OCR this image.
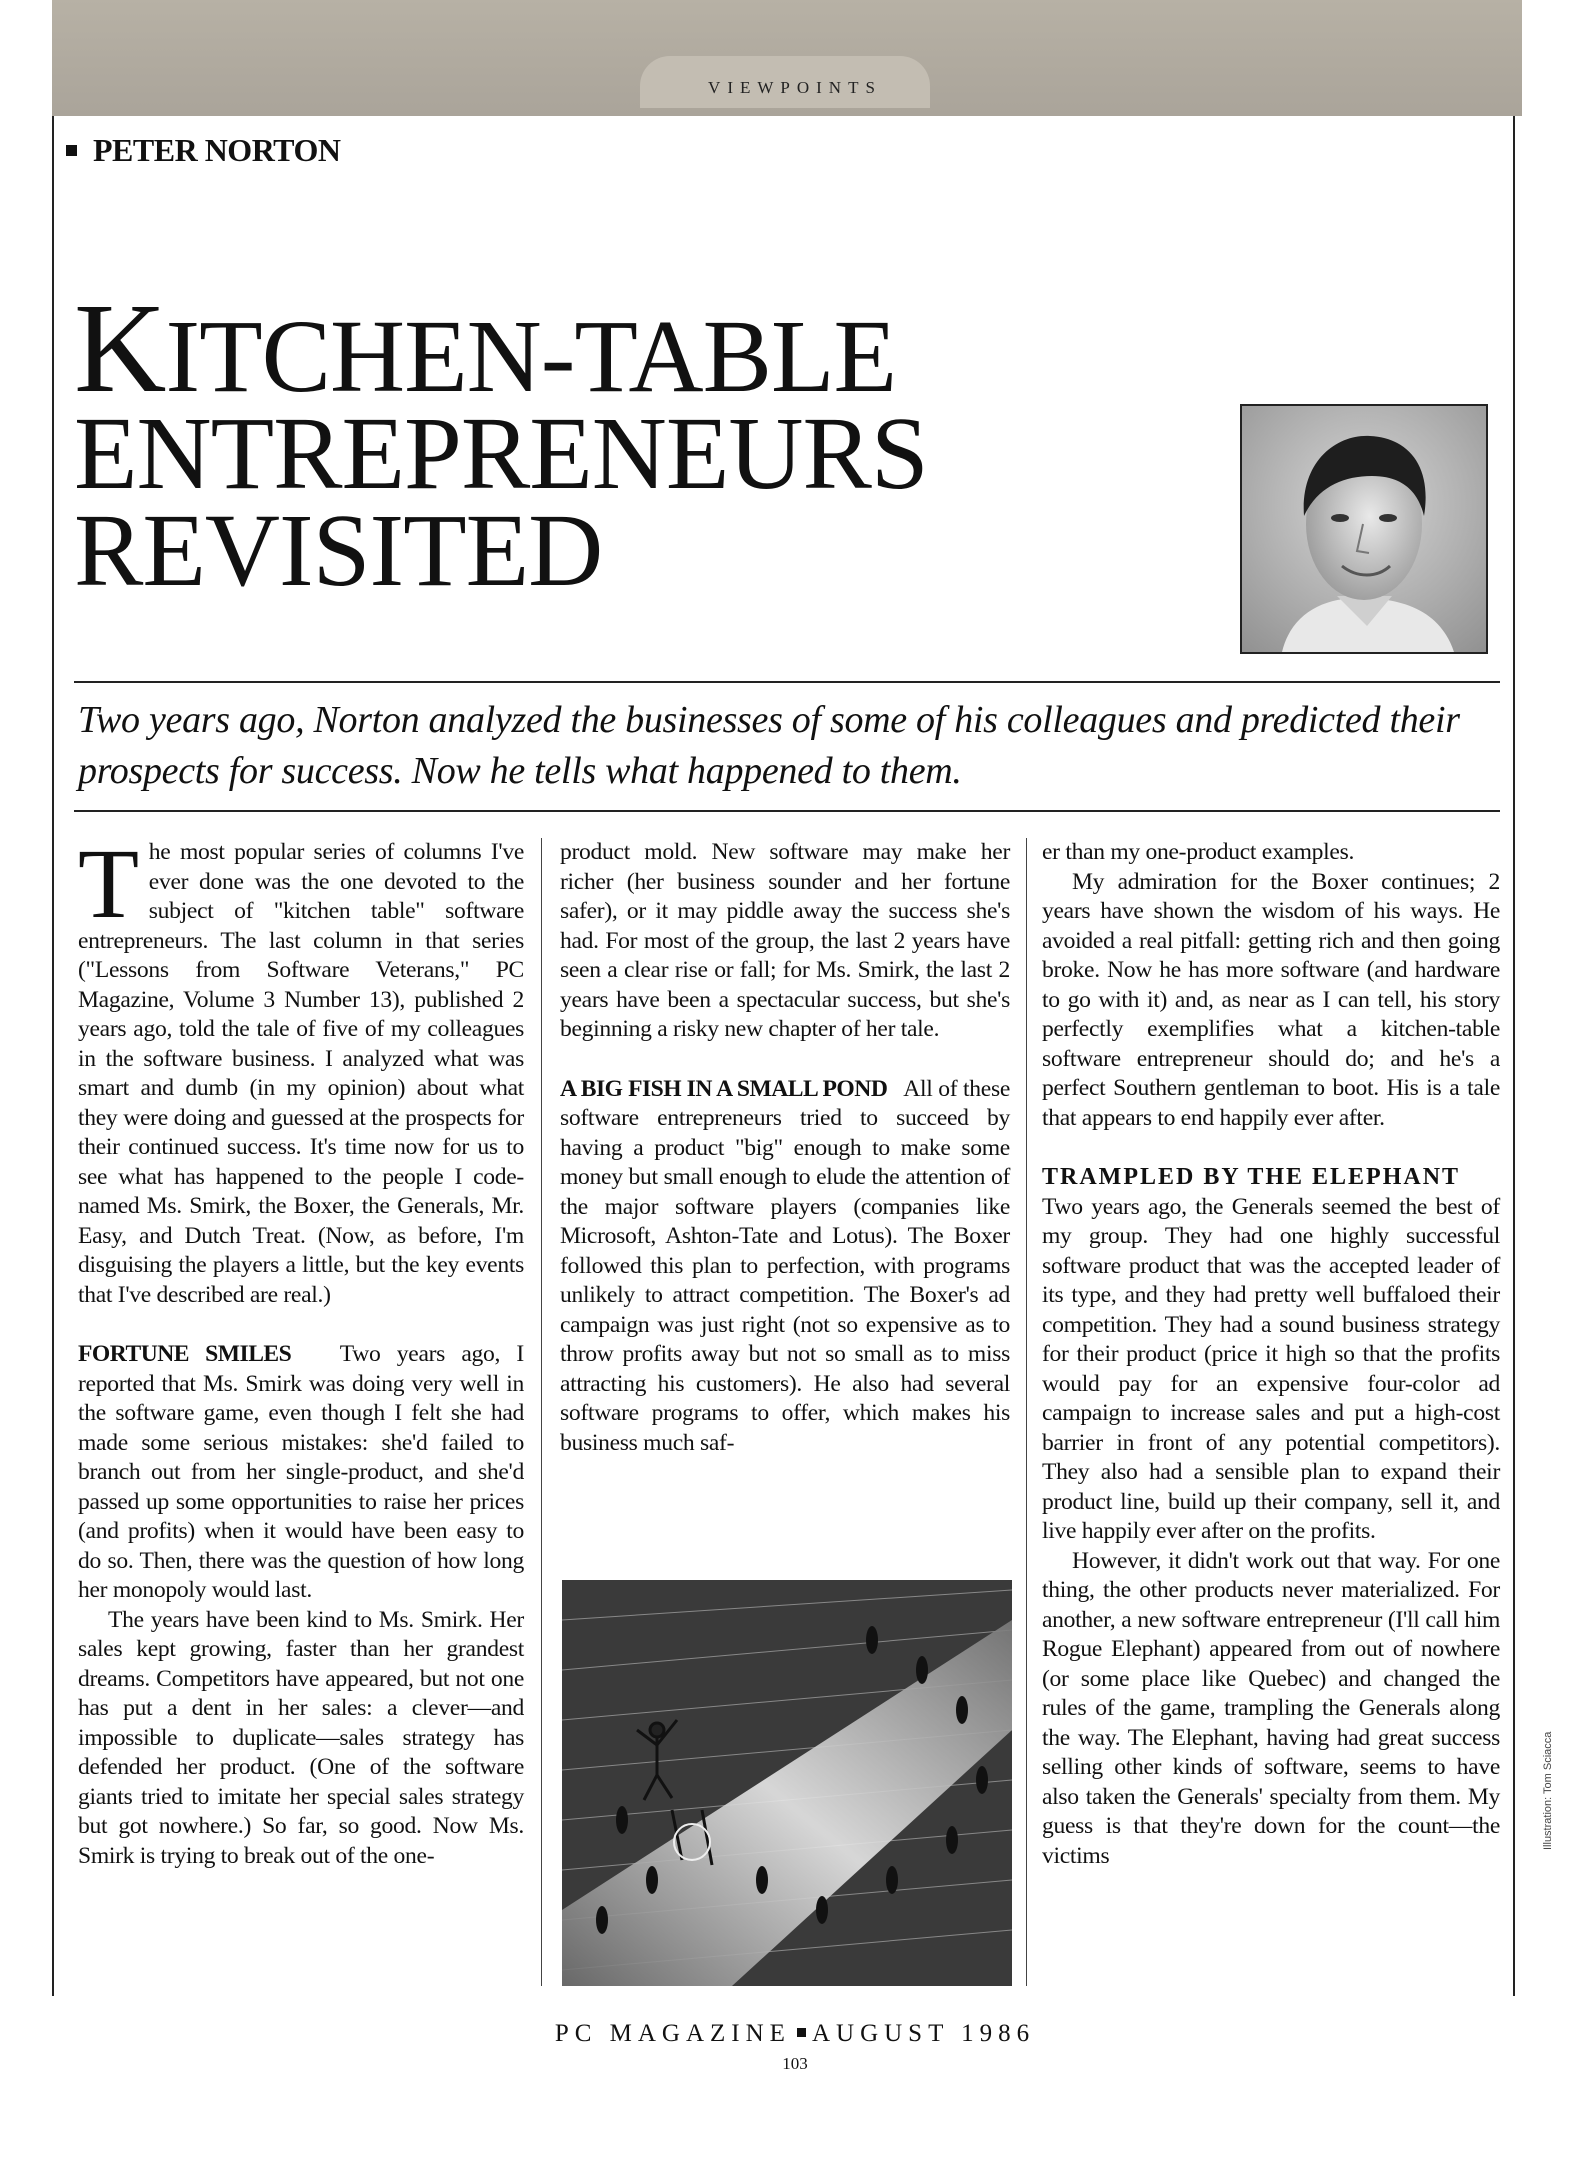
VIEWPOINTS
PETER NORTON
KITCHEN-TABLE
ENTREPRENEURS
REVISITED
Two years ago, Norton analyzed the businesses of some of his colleagues and predicted their prospects for success. Now he tells what happened to them.

The most popular series of columns I've ever done was the one devoted to the subject of "kitchen table" software entrepreneurs. The last column in that series ("Lessons from Software Veterans," PC Magazine, Volume 3 Number 13), published 2 years ago, told the tale of five of my colleagues in the software business. I analyzed what was smart and dumb (in my opinion) about what they were doing and guessed at the prospects for their continued success. It's time now for us to see what has happened to the people I code-named Ms. Smirk, the Boxer, the Generals, Mr. Easy, and Dutch Treat. (Now, as before, I'm disguising the players a little, but the key events that I've described are real.)

FORTUNE SMILES Two years ago, I reported that Ms. Smirk was doing very well in the software game, even though I felt she had made some serious mistakes: she'd failed to branch out from her single-product, and she'd passed up some opportunities to raise her prices (and profits) when it would have been easy to do so. Then, there was the question of how long her monopoly would last.

The years have been kind to Ms. Smirk. Her sales kept growing, faster than her grandest dreams. Competitors have appeared, but not one has put a dent in her sales: a clever—and impossible to duplicate—sales strategy has defended her product. (One of the software giants tried to imitate her special sales strategy but got nowhere.) So far, so good. Now Ms. Smirk is trying to break out of the one-

product mold. New software may make her richer (her business sounder and her fortune safer), or it may piddle away the success she's had. For most of the group, the last 2 years have seen a clear rise or fall; for Ms. Smirk, the last 2 years have been a spectacular success, but she's beginning a risky new chapter of her tale.

A BIG FISH IN A SMALL POND All of these software entrepreneurs tried to succeed by having a product "big" enough to make some money but small enough to elude the attention of the major software players (companies like Microsoft, Ashton-Tate and Lotus). The Boxer followed this plan to perfection, with programs unlikely to attract competition. The Boxer's ad campaign was just right (not so expensive as to throw profits away but not so small as to miss attracting his customers). He also had several software programs to offer, which makes his business much saf-

er than my one-product examples.

My admiration for the Boxer continues; 2 years have shown the wisdom of his ways. He avoided a real pitfall: getting rich and then going broke. Now he has more software (and hardware to go with it) and, as near as I can tell, his story perfectly exemplifies what a kitchen-table software entrepreneur should do; and he's a perfect Southern gentleman to boot. His is a tale that appears to end happily ever after.

TRAMPLED BY THE ELEPHANT
Two years ago, the Generals seemed the best of my group. They had one highly successful software product that was the accepted leader of its type, and they had pretty well buffaloed their competition. They had a sound business strategy for their product (price it high so that the profits would pay for an expensive four-color ad campaign to increase sales and put a high-cost barrier in front of any potential competitors). They also had a sensible plan to expand their product line, build up their company, sell it, and live happily ever after on the profits.

However, it didn't work out that way. For one thing, the other products never materialized. For another, a new software entrepreneur (I'll call him Rogue Elephant) appeared from out of nowhere (or some place like Quebec) and changed the rules of the game, trampling the Generals along the way. The Elephant, having had great success selling other kinds of software, seems to have also taken the Generals' specialty from them. My guess is that they're down for the count—the victims

Illustration: Tom Sciacca
PC MAGAZINE AUGUST 1986
103
